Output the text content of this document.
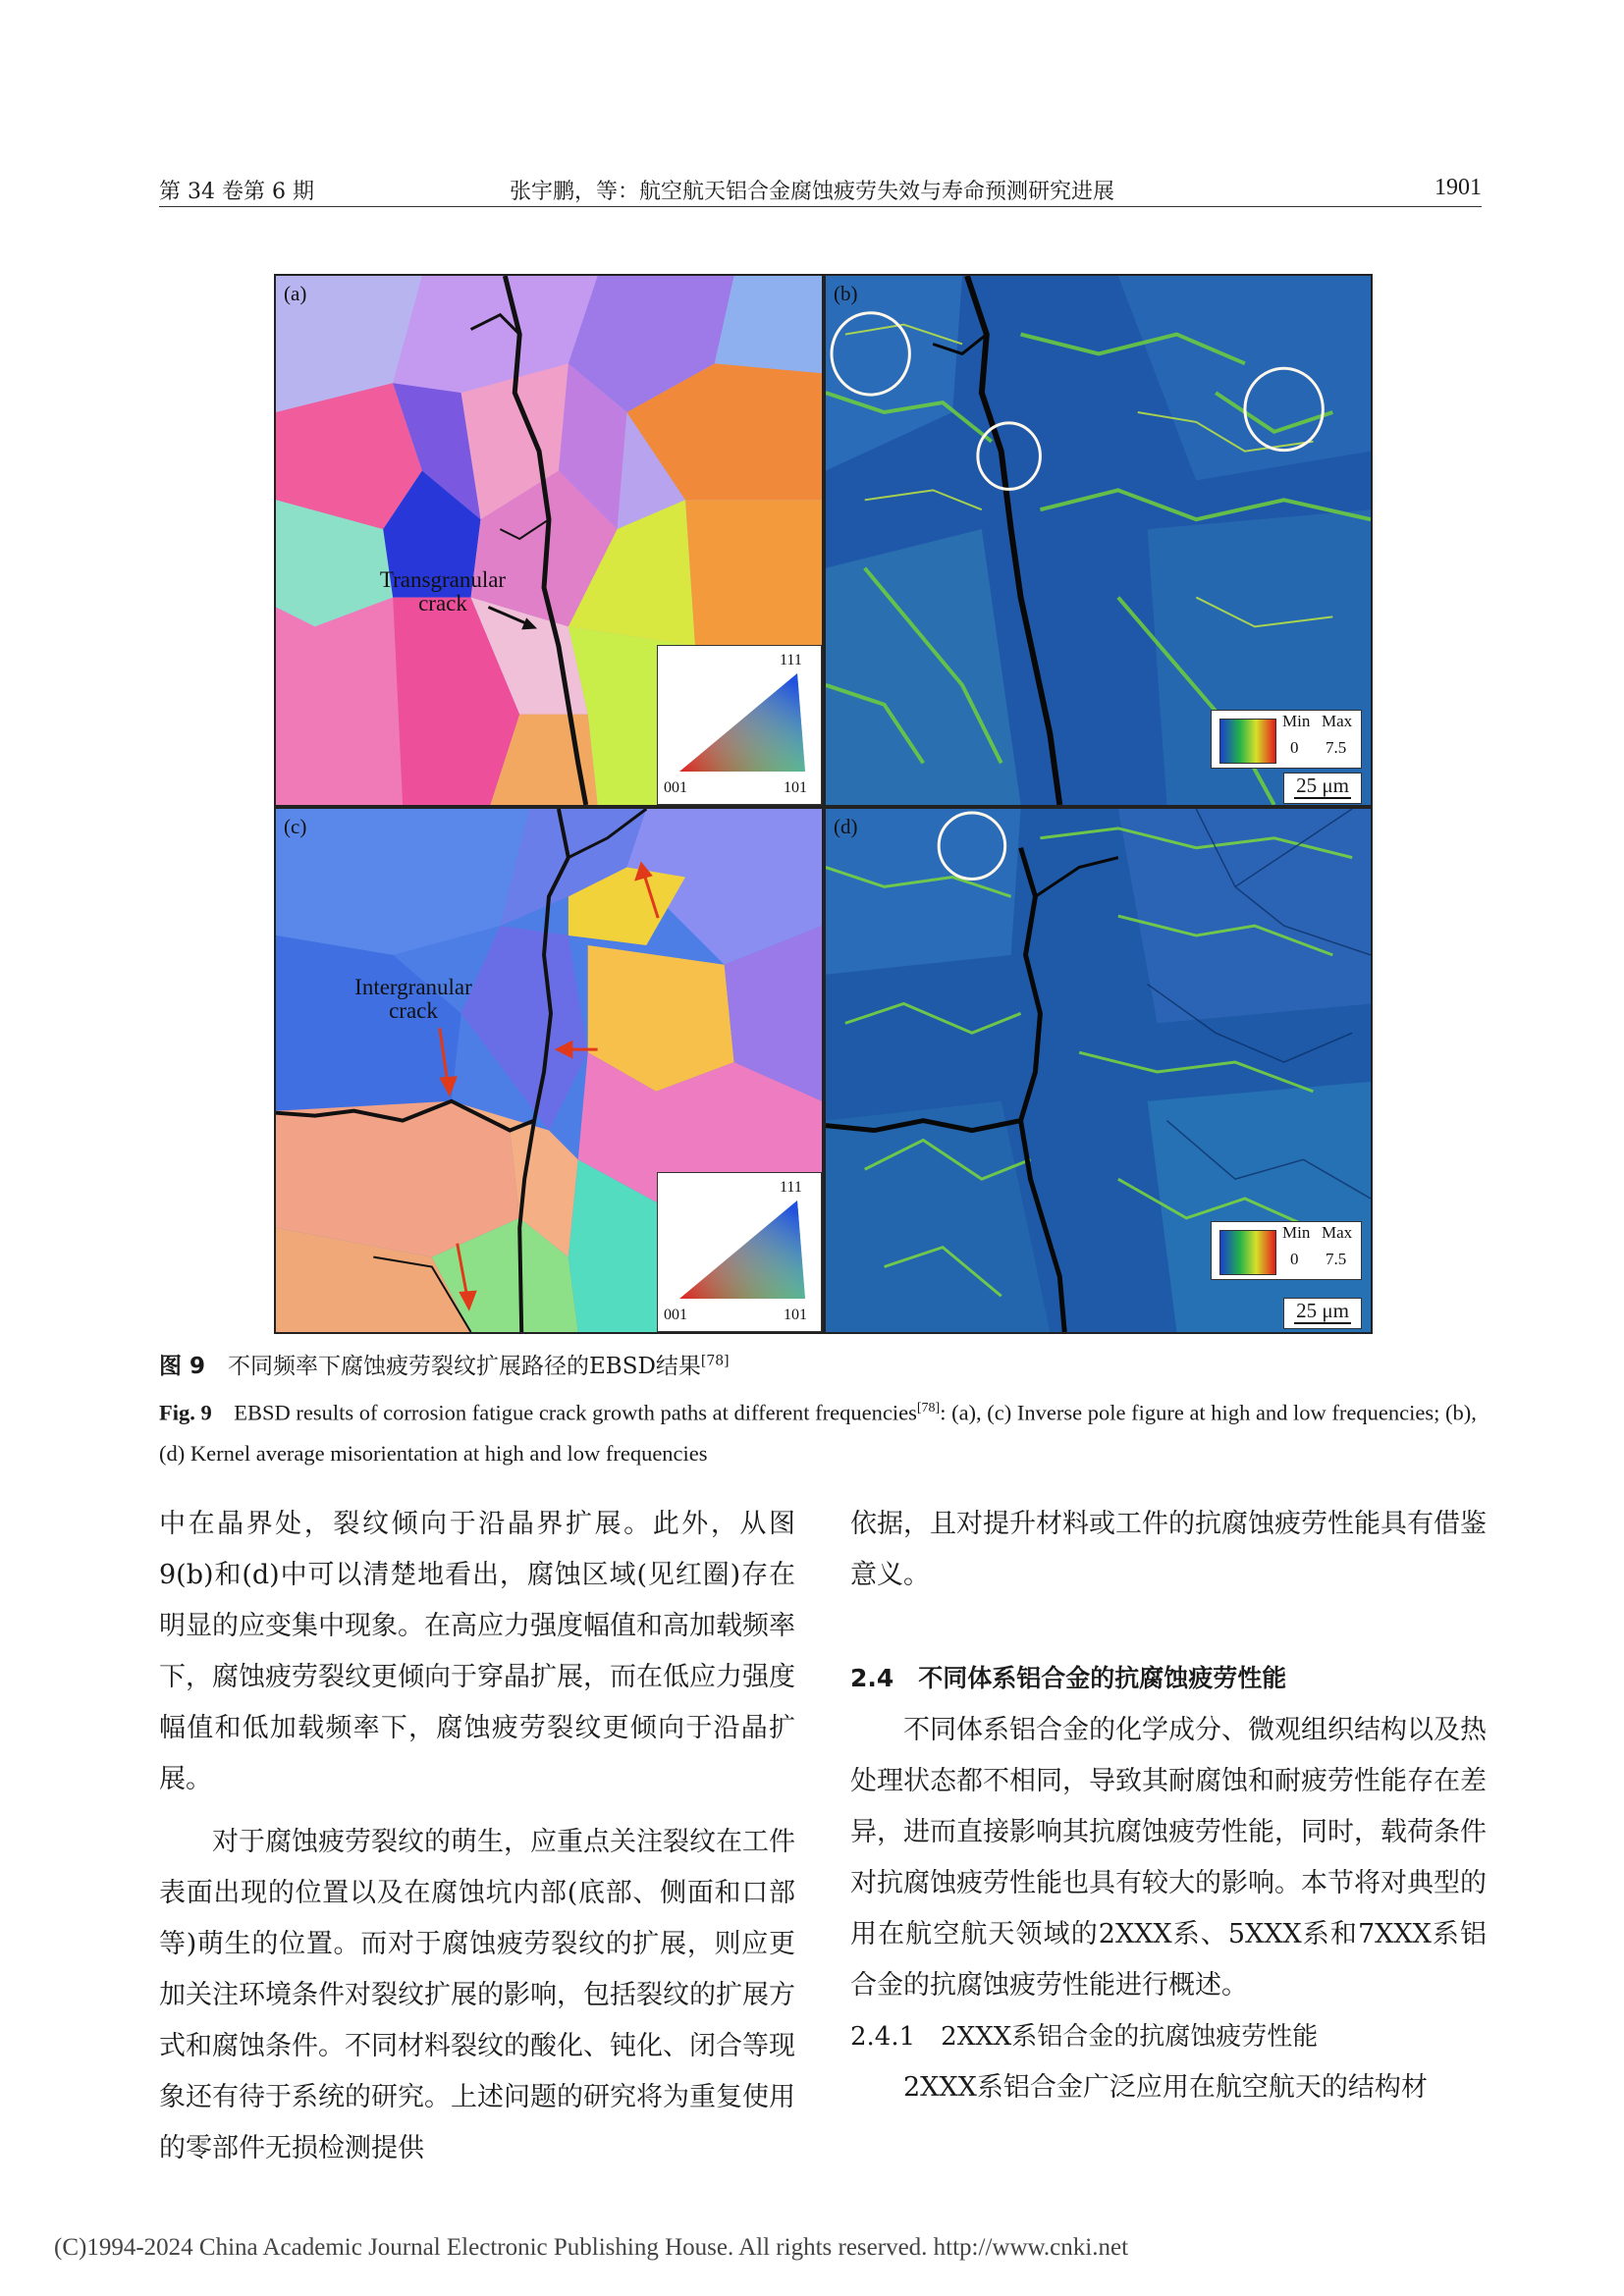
第 34 卷第 6 期	张宇鹏，等：航空航天铝合金腐蚀疲劳失效与寿命预测研究进展	1901
(a)
Transgranular
crack
111
001	101
(b)
Min Max
0 7.5
25 μm
(c)
Intergranular
crack
111
001	101
(d)
Min Max
0 7.5
25 μm
图 9  不同频率下腐蚀疲劳裂纹扩展路径的EBSD结果[78]
Fig. 9  EBSD results of corrosion fatigue crack growth paths at different frequencies[78]: (a), (c) Inverse pole figure at high and low frequencies; (b), (d) Kernel average misorientation at high and low frequencies

中在晶界处，裂纹倾向于沿晶界扩展。此外，从图9(b)和(d)中可以清楚地看出，腐蚀区域(见红圈)存在明显的应变集中现象。在高应力强度幅值和高加载频率下，腐蚀疲劳裂纹更倾向于穿晶扩展，而在低应力强度幅值和低加载频率下，腐蚀疲劳裂纹更倾向于沿晶扩展。

对于腐蚀疲劳裂纹的萌生，应重点关注裂纹在工件表面出现的位置以及在腐蚀坑内部(底部、侧面和口部等)萌生的位置。而对于腐蚀疲劳裂纹的扩展，则应更加关注环境条件对裂纹扩展的影响，包括裂纹的扩展方式和腐蚀条件。不同材料裂纹的酸化、钝化、闭合等现象还有待于系统的研究。上述问题的研究将为重复使用的零部件无损检测提供

依据，且对提升材料或工件的抗腐蚀疲劳性能具有借鉴意义。

2.4　不同体系铝合金的抗腐蚀疲劳性能

不同体系铝合金的化学成分、微观组织结构以及热处理状态都不相同，导致其耐腐蚀和耐疲劳性能存在差异，进而直接影响其抗腐蚀疲劳性能，同时，载荷条件对抗腐蚀疲劳性能也具有较大的影响。本节将对典型的用在航空航天领域的2XXX系、5XXX系和7XXX系铝合金的抗腐蚀疲劳性能进行概述。

2.4.1　2XXX系铝合金的抗腐蚀疲劳性能

2XXX系铝合金广泛应用在航空航天的结构材

(C)1994-2024 China Academic Journal Electronic Publishing House. All rights reserved. http://www.cnki.net
